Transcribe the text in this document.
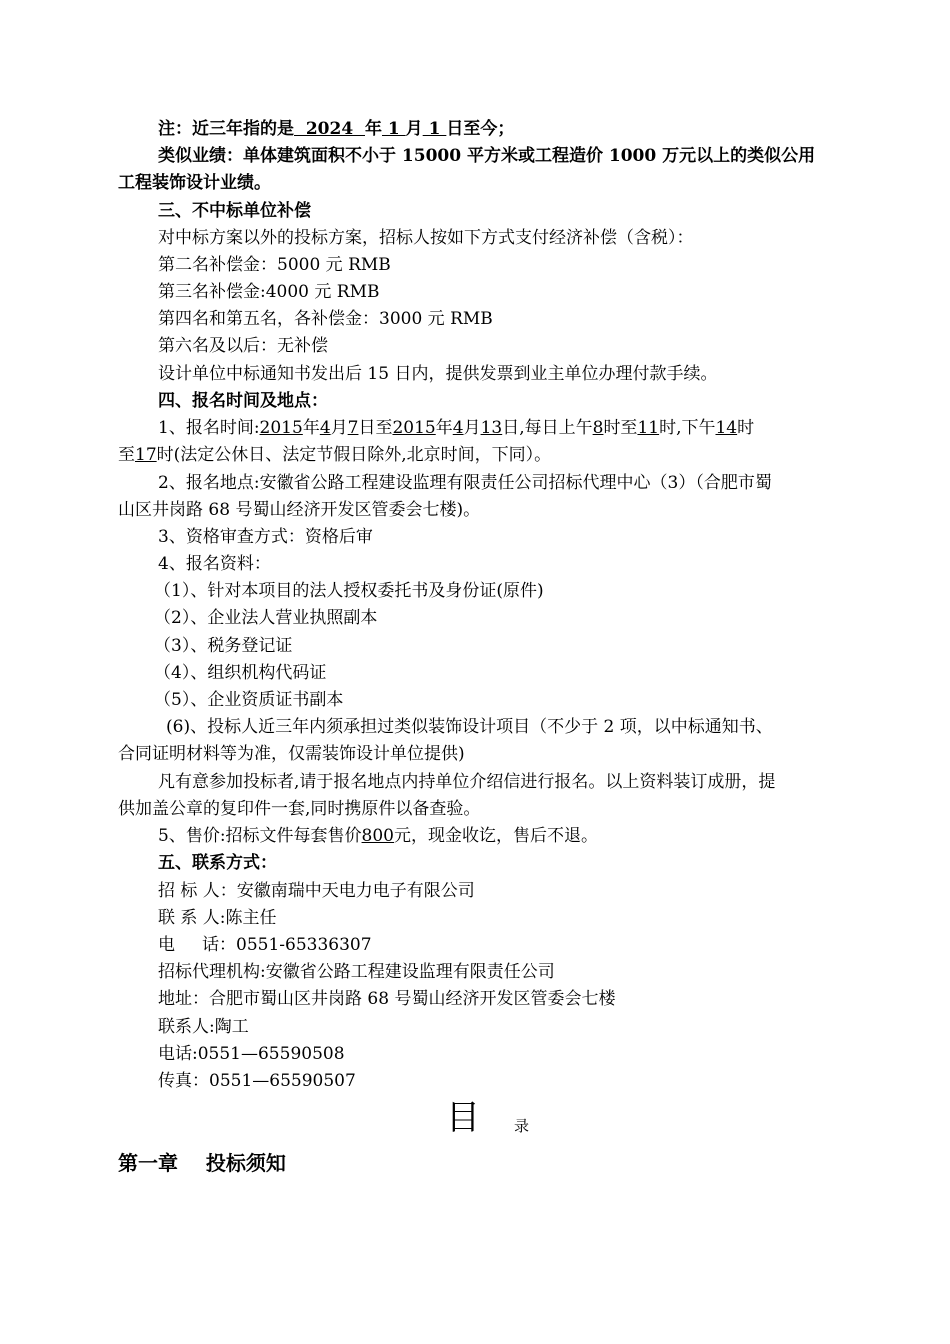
注：近三年指的是  2024  年 1 月 1 日至今；
类似业绩：单体建筑面积不小于 15000 平方米或工程造价 1000 万元以上的类似公用
工程装饰设计业绩。
三、不中标单位补偿
对中标方案以外的投标方案，招标人按如下方式支付经济补偿（含税）：
第二名补偿金：5000 元 RMB
第三名补偿金:4000 元 RMB
第四名和第五名，各补偿金：3000 元 RMB
第六名及以后：无补偿
设计单位中标通知书发出后 15 日内，提供发票到业主单位办理付款手续。
四、报名时间及地点：
1、报名时间:2015年4月7日至2015年4月13日,每日上午8时至11时,下午14时
至17时(法定公休日、法定节假日除外,北京时间，下同）。
2、报名地点:安徽省公路工程建设监理有限责任公司招标代理中心（3）（合肥市蜀
山区井岗路 68 号蜀山经济开发区管委会七楼)。
3、资格审查方式：资格后审
4、报名资料：
（1）、针对本项目的法人授权委托书及身份证(原件)
（2）、企业法人营业执照副本
（3）、税务登记证
（4）、组织机构代码证
（5）、企业资质证书副本
(6)、投标人近三年内须承担过类似装饰设计项目（不少于 2 项，以中标通知书、
合同证明材料等为准，仅需装饰设计单位提供)
凡有意参加投标者,请于报名地点内持单位介绍信进行报名。以上资料装订成册，提
供加盖公章的复印件一套,同时携原件以备查验。
5、售价:招标文件每套售价800元，现金收讫，售后不退。
五、联系方式：
招 标 人：安徽南瑞中天电力电子有限公司
联 系 人:陈主任
电     话：0551-65336307
招标代理机构:安徽省公路工程建设监理有限责任公司
地址：合肥市蜀山区井岗路 68 号蜀山经济开发区管委会七楼
联系人:陶工
电话:0551—65590508
传真：0551—65590507
目 录
第一章    投标须知
